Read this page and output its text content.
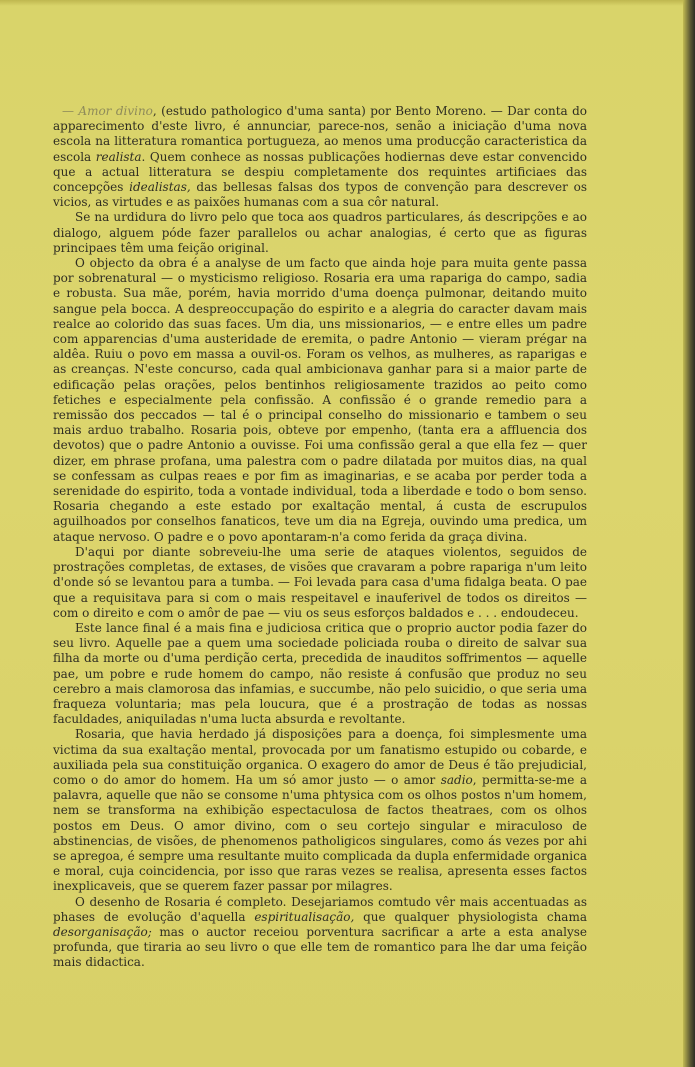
— Amor divino, (estudo pathologico d'uma santa) por Bento Moreno. — Dar conta do apparecimento d'este livro, é annunciar, parece-nos, senão a iniciação d'uma nova escola na litteratura romantica portugueza, ao menos uma producção caracteristica da escola realista. Quem conhece as nossas publicações hodiernas deve estar convencido que a actual litteratura se despiu completamente dos requintes artificiaes das concepções idealistas, das bellesas falsas dos typos de convenção para descrever os vicios, as virtudes e as paixões humanas com a sua côr natural.

Se na urdidura do livro pelo que toca aos quadros particulares, ás descripções e ao dialogo, alguem póde fazer parallelos ou achar analogias, é certo que as figuras principaes têm uma feição original.

O objecto da obra é a analyse de um facto que ainda hoje para muita gente passa por sobrenatural — o mysticismo religioso. Rosaria era uma rapariga do campo, sadia e robusta. Sua mãe, porém, havia morrido d'uma doença pulmonar, deitando muito sangue pela bocca. A despreoccupação do espirito e a alegria do caracter davam mais realce ao colorido das suas faces. Um dia, uns missionarios, — e entre elles um padre com apparencias d'uma austeridade de eremita, o padre Antonio — vieram prégar na aldêa. Ruiu o povo em massa a ouvil-os. Foram os velhos, as mulheres, as raparigas e as creanças. N'este concurso, cada qual ambicionava ganhar para si a maior parte de edificação pelas orações, pelos bentinhos religiosamente trazidos ao peito como fetiches e especialmente pela confissão. A confissão é o grande remedio para a remissão dos peccados — tal é o principal conselho do missionario e tambem o seu mais arduo trabalho. Rosaria pois, obteve por empenho, (tanta era a affluencia dos devotos) que o padre Antonio a ouvisse. Foi uma confissão geral a que ella fez — quer dizer, em phrase profana, uma palestra com o padre dilatada por muitos dias, na qual se confessam as culpas reaes e por fim as imaginarias, e se acaba por perder toda a serenidade do espirito, toda a vontade individual, toda a liberdade e todo o bom senso. Rosaria chegando a este estado por exaltação mental, á custa de escrupulos aguilhoados por conselhos fanaticos, teve um dia na Egreja, ouvindo uma predica, um ataque nervoso. O padre e o povo apontaram-n'a como ferida da graça divina.

D'aqui por diante sobreveiu-lhe uma serie de ataques violentos, seguidos de prostrações completas, de extases, de visões que cravaram a pobre rapariga n'um leito d'onde só se levantou para a tumba. — Foi levada para casa d'uma fidalga beata. O pae que a requisitava para si com o mais respeitavel e inauferivel de todos os direitos — com o direito e com o amôr de pae — viu os seus esforços baldados e . . . endoudeceu.

Este lance final é a mais fina e judiciosa critica que o proprio auctor podia fazer do seu livro. Aquelle pae a quem uma sociedade policiada rouba o direito de salvar sua filha da morte ou d'uma perdição certa, precedida de inauditos soffrimentos — aquelle pae, um pobre e rude homem do campo, não resiste á confusão que produz no seu cerebro a mais clamorosa das infamias, e succumbe, não pelo suicidio, o que seria uma fraqueza voluntaria; mas pela loucura, que é a prostração de todas as nossas faculdades, aniquiladas n'uma lucta absurda e revoltante.

Rosaria, que havia herdado já disposições para a doença, foi simplesmente uma victima da sua exaltação mental, provocada por um fanatismo estupido ou cobarde, e auxiliada pela sua constituição organica. O exagero do amor de Deus é tão prejudicial, como o do amor do homem. Ha um só amor justo — o amor sadio, permitta-se-me a palavra, aquelle que não se consome n'uma phtysica com os olhos postos n'um homem, nem se transforma na exhibição espectaculosa de factos theatraes, com os olhos postos em Deus. O amor divino, com o seu cortejo singular e miraculoso de abstinencias, de visões, de phenomenos patholigicos singulares, como ás vezes por ahi se apregoa, é sempre uma resultante muito complicada da dupla enfermidade organica e moral, cuja coincidencia, por isso que raras vezes se realisa, apresenta esses factos inexplicaveis, que se querem fazer passar por milagres.

O desenho de Rosaria é completo. Desejariamos comtudo vêr mais accentuadas as phases de evolução d'aquella espiritualisação, que qualquer physiologista chama desorganisação; mas o auctor receiou porventura sacrificar a arte a esta analyse profunda, que tiraria ao seu livro o que elle tem de romantico para lhe dar uma feição mais didactica.
